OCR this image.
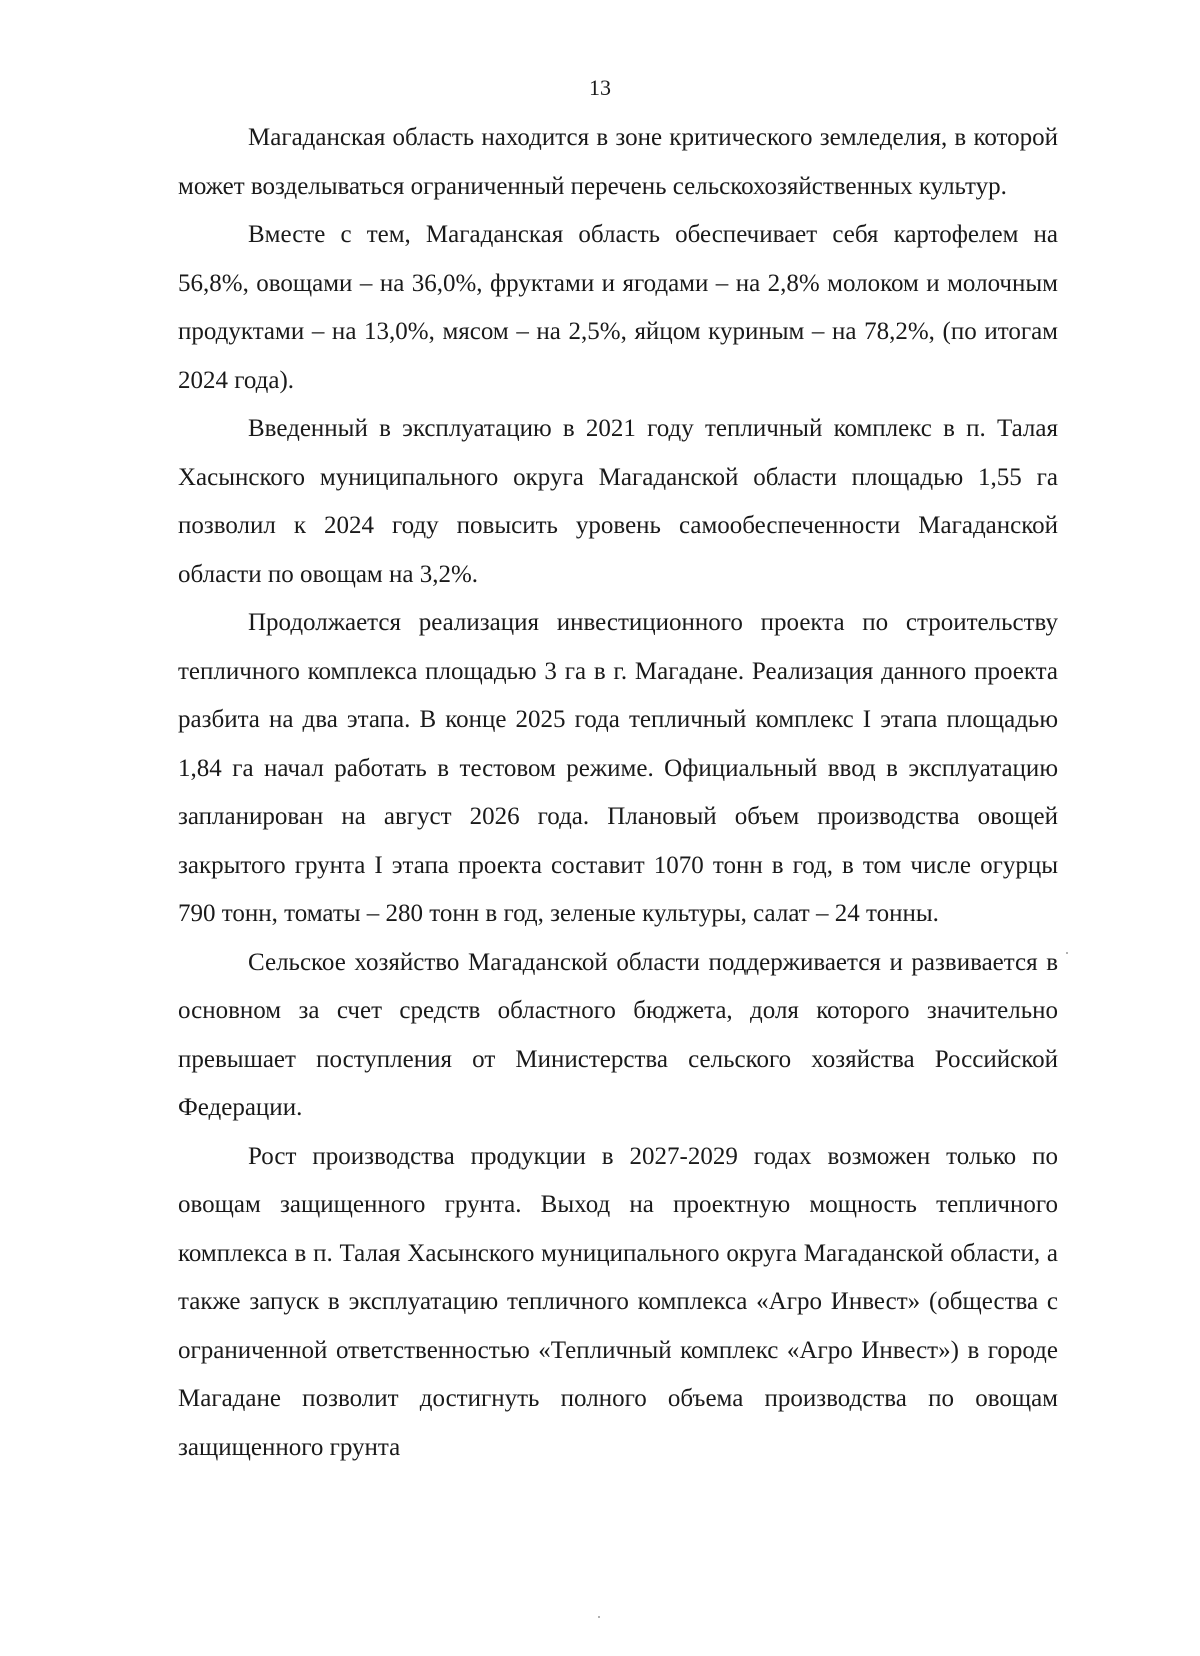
13

Магаданская область находится в зоне критического земледелия, в которой может возделываться ограниченный перечень сельскохозяйственных культур.

Вместе с тем, Магаданская область обеспечивает себя картофелем на 56,8%, овощами – на 36,0%, фруктами и ягодами – на 2,8% молоком и молочным продуктами – на 13,0%, мясом – на 2,5%, яйцом куриным – на 78,2%, (по итогам 2024 года).

Введенный в эксплуатацию в 2021 году тепличный комплекс в п. Талая Хасынского муниципального округа Магаданской области площадью 1,55 га позволил к 2024 году повысить уровень самообеспеченности Магаданской области по овощам на 3,2%.

Продолжается реализация инвестиционного проекта по строительству тепличного комплекса площадью 3 га в г. Магадане. Реализация данного проекта разбита на два этапа. В конце 2025 года тепличный комплекс I этапа площадью 1,84 га начал работать в тестовом режиме. Официальный ввод в эксплуатацию запланирован на август 2026 года. Плановый объем производства овощей закрытого грунта I этапа проекта составит 1070 тонн в год, в том числе огурцы 790 тонн, томаты – 280 тонн в год, зеленые культуры, салат – 24 тонны.

Сельское хозяйство Магаданской области поддерживается и развивается в основном за счет средств областного бюджета, доля которого значительно превышает поступления от Министерства сельского хозяйства Российской Федерации.

Рост производства продукции в 2027-2029 годах возможен только по овощам защищенного грунта. Выход на проектную мощность тепличного комплекса в п. Талая Хасынского муниципального округа Магаданской области, а также запуск в эксплуатацию тепличного комплекса «Агро Инвест» (общества с ограниченной ответственностью «Тепличный комплекс «Агро Инвест») в городе Магадане позволит достигнуть полного объема производства по овощам защищенного грунта
